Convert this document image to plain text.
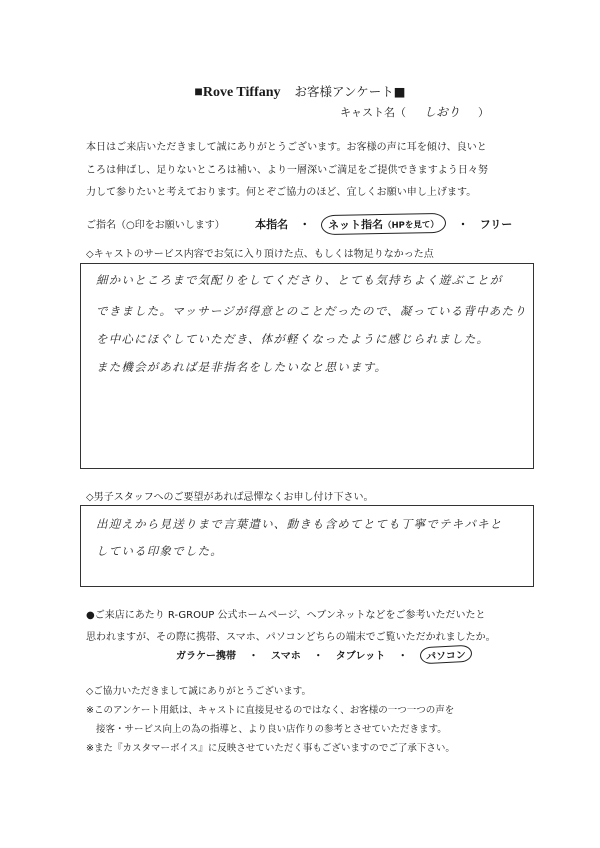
■Rove Tiffany お客様アンケート■
キャスト名（ しおり ）
本日はご来店いただきまして誠にありがとうございます。お客様の声に耳を傾け、良いと
ころは伸ばし、足りないところは補い、より一層深いご満足をご提供できますよう日々努
力して参りたいと考えております。何とぞご協力のほど、宜しくお願い申し上げます。
ご指名（○印をお願いします）	本指名 ・ ネット指名（HPを見て） ・ フリー
◇キャストのサービス内容でお気に入り頂けた点、もしくは物足りなかった点
細かいところまで気配りをしてくださり、とても気持ちよく遊ぶことが
できました。マッサージが得意とのことだったので、凝っている背中あたり
を中心にほぐしていただき、体が軽くなったように感じられました。
また機会があれば是非指名をしたいなと思います。
◇男子スタッフへのご要望があれば忌憚なくお申し付け下さい。
出迎えから見送りまで言葉遣い、動きも含めてとても丁寧でテキパキと
している印象でした。
●ご来店にあたり R-GROUP 公式ホームページ、ヘブンネットなどをご参考いただいたと
思われますが、その際に携帯、スマホ、パソコンどちらの端末でご覧いただかれましたか。
ガラケー携帯 ・ スマホ ・ タブレット ・ パソコン
◇ご協力いただきまして誠にありがとうございます。
※このアンケート用紙は、キャストに直接見せるのではなく、お客様の一つ一つの声を
接客・サービス向上の為の指導と、より良い店作りの参考とさせていただきます。
※また『カスタマーボイス』に反映させていただく事もございますのでご了承下さい。
